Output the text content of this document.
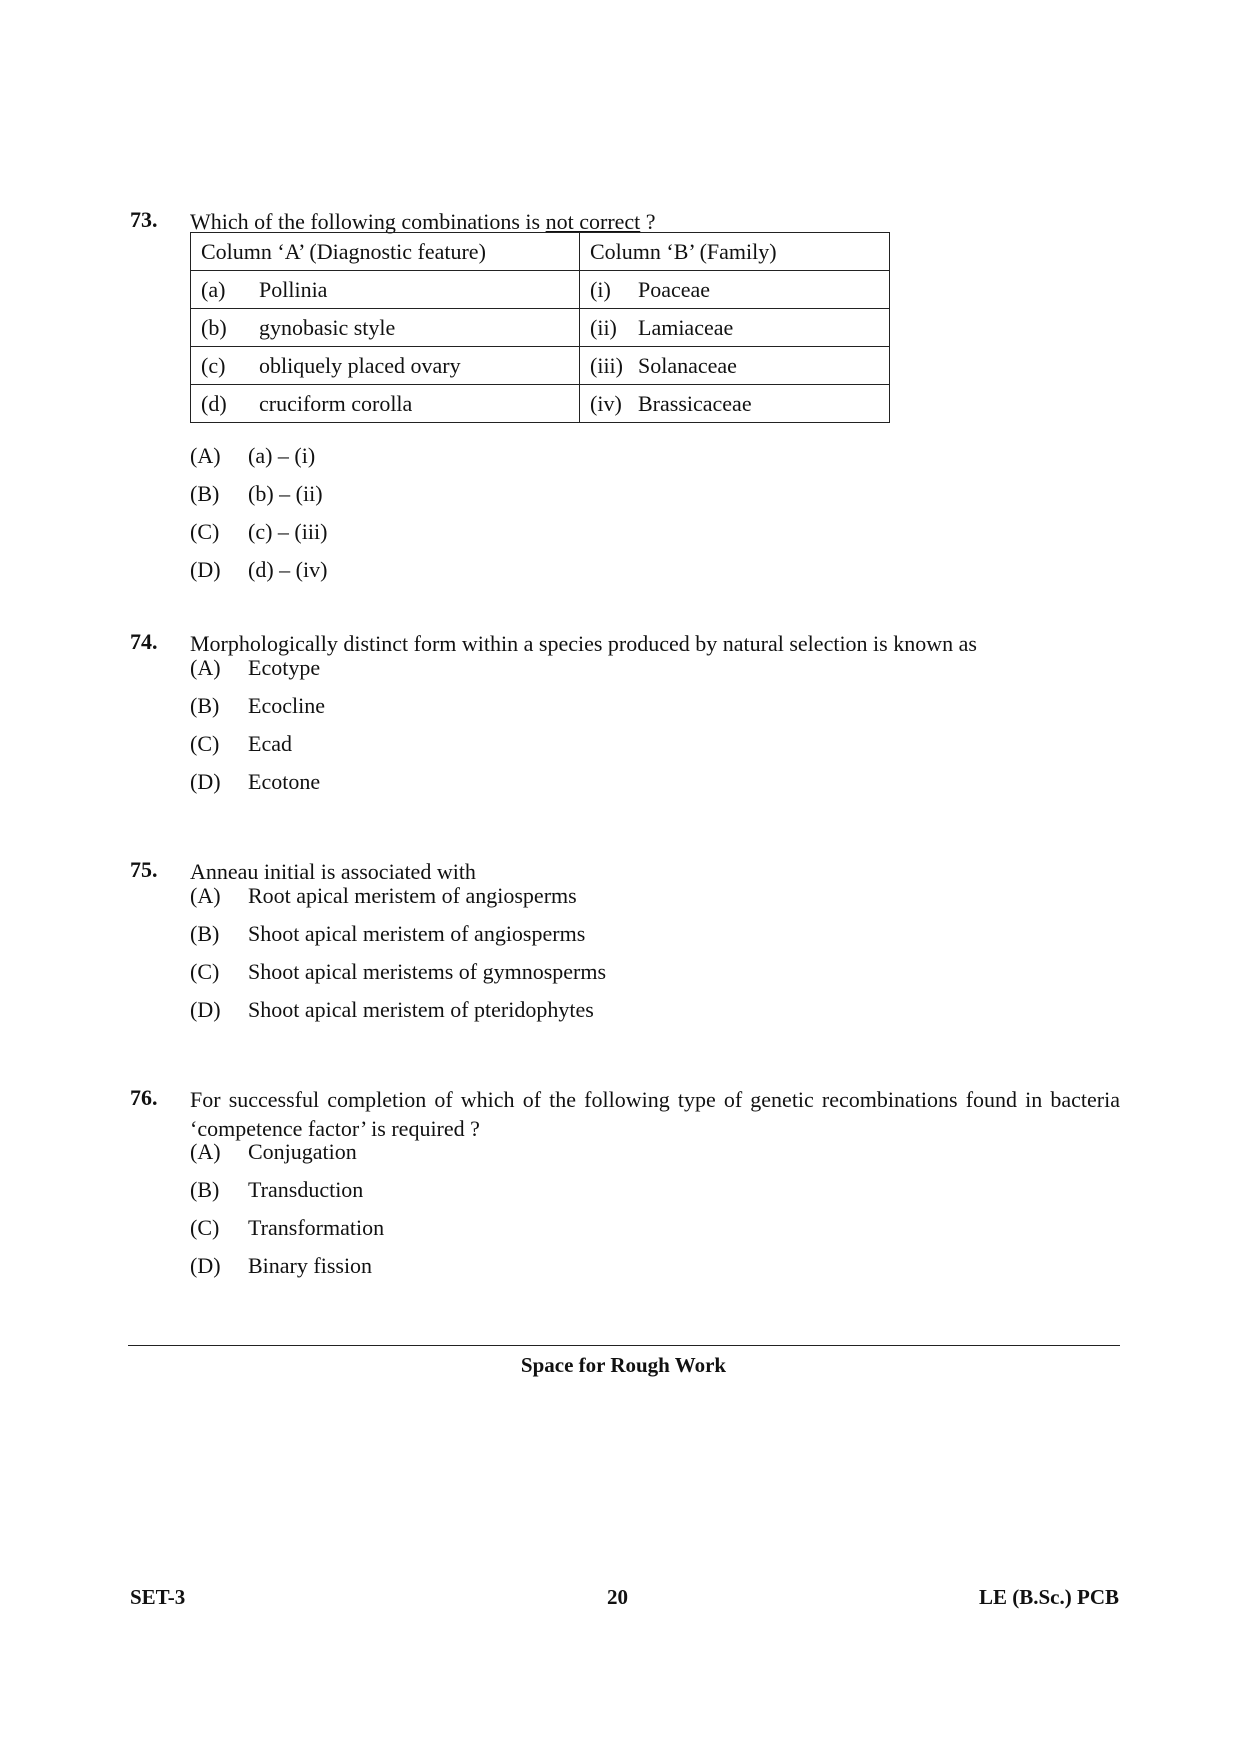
73. Which of the following combinations is not correct ?
Column ‘A’ (Diagnostic feature)	Column ‘B’ (Family)
(a) Pollinia	(i) Poaceae
(b) gynobasic style	(ii) Lamiaceae
(c) obliquely placed ovary	(iii) Solanaceae
(d) cruciform corolla	(iv) Brassicaceae
(A) (a) – (i)
(B) (b) – (ii)
(C) (c) – (iii)
(D) (d) – (iv)
74. Morphologically distinct form within a species produced by natural selection is known as
(A) Ecotype
(B) Ecocline
(C) Ecad
(D) Ecotone
75. Anneau initial is associated with
(A) Root apical meristem of angiosperms
(B) Shoot apical meristem of angiosperms
(C) Shoot apical meristems of gymnosperms
(D) Shoot apical meristem of pteridophytes
76. For successful completion of which of the following type of genetic recombinations found in bacteria ‘competence factor’ is required ?
(A) Conjugation
(B) Transduction
(C) Transformation
(D) Binary fission
Space for Rough Work
SET-3	20	LE (B.Sc.) PCB
